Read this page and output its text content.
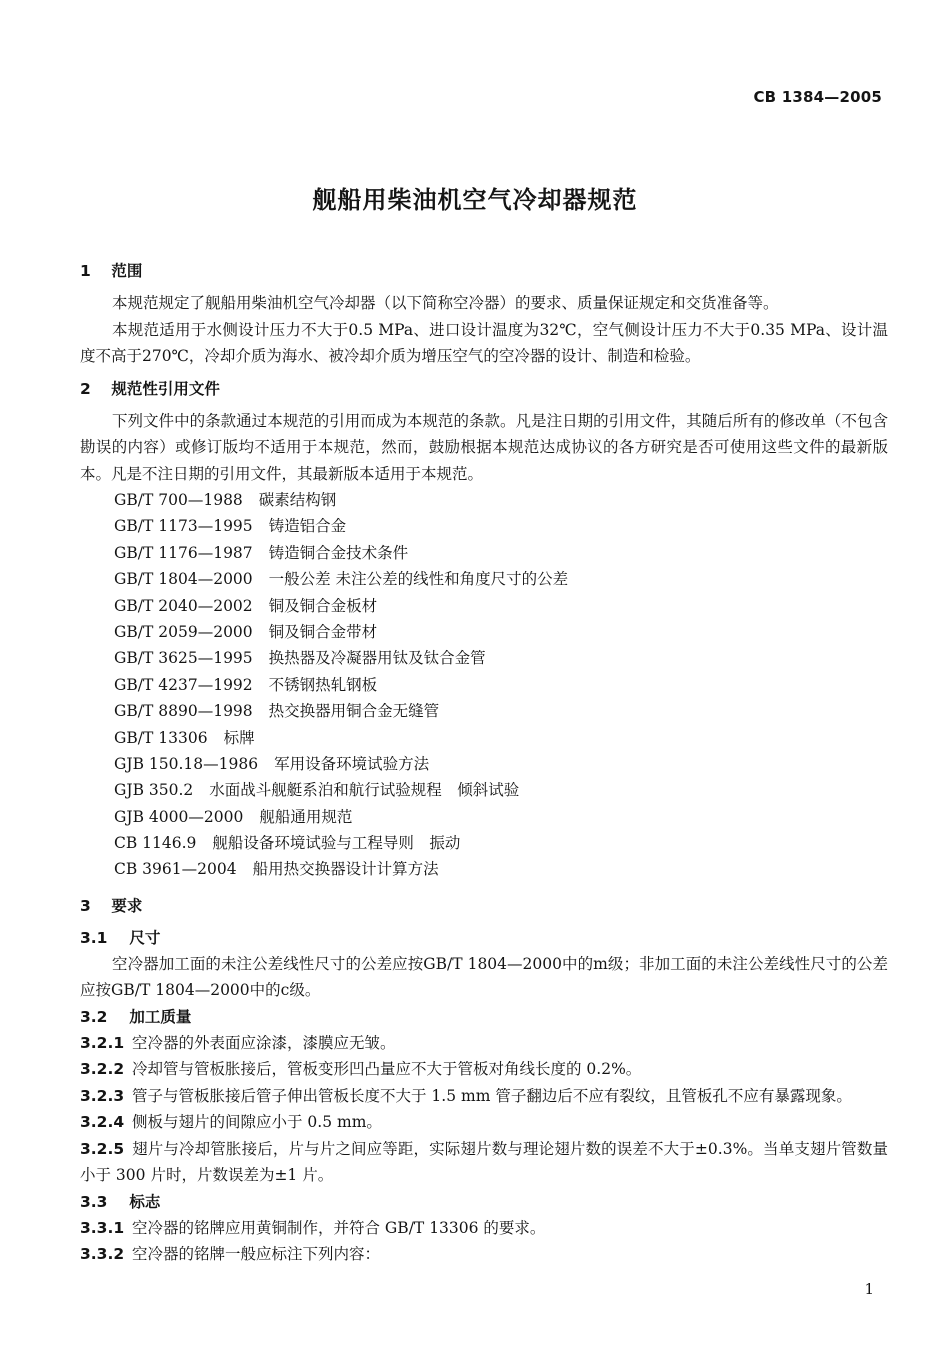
CB 1384—2005
舰船用柴油机空气冷却器规范
1 范围
本规范规定了舰船用柴油机空气冷却器（以下简称空冷器）的要求、质量保证规定和交货准备等。
本规范适用于水侧设计压力不大于0.5 MPa、进口设计温度为32℃，空气侧设计压力不大于0.35 MPa、设计温度不高于270℃，冷却介质为海水、被冷却介质为增压空气的空冷器的设计、制造和检验。
2 规范性引用文件
下列文件中的条款通过本规范的引用而成为本规范的条款。凡是注日期的引用文件，其随后所有的修改单（不包含勘误的内容）或修订版均不适用于本规范，然而，鼓励根据本规范达成协议的各方研究是否可使用这些文件的最新版本。凡是不注日期的引用文件，其最新版本适用于本规范。
GB/T 700—1988 碳素结构钢
GB/T 1173—1995 铸造铝合金
GB/T 1176—1987 铸造铜合金技术条件
GB/T 1804—2000 一般公差 未注公差的线性和角度尺寸的公差
GB/T 2040—2002 铜及铜合金板材
GB/T 2059—2000 铜及铜合金带材
GB/T 3625—1995 换热器及冷凝器用钛及钛合金管
GB/T 4237—1992 不锈钢热轧钢板
GB/T 8890—1998 热交换器用铜合金无缝管
GB/T 13306 标牌
GJB 150.18—1986 军用设备环境试验方法
GJB 350.2 水面战斗舰艇系泊和航行试验规程　倾斜试验
GJB 4000—2000 舰船通用规范
CB 1146.9 舰船设备环境试验与工程导则　振动
CB 3961—2004 船用热交换器设计计算方法
3 要求
3.1 尺寸
空冷器加工面的未注公差线性尺寸的公差应按GB/T 1804—2000中的m级；非加工面的未注公差线性尺寸的公差应按GB/T 1804—2000中的c级。
3.2 加工质量
3.2.1 空冷器的外表面应涂漆，漆膜应无皱。
3.2.2 冷却管与管板胀接后，管板变形凹凸量应不大于管板对角线长度的 0.2%。
3.2.3 管子与管板胀接后管子伸出管板长度不大于 1.5 mm 管子翻边后不应有裂纹，且管板孔不应有暴露现象。
3.2.4 侧板与翅片的间隙应小于 0.5 mm。
3.2.5 翅片与冷却管胀接后，片与片之间应等距，实际翅片数与理论翅片数的误差不大于±0.3%。当单支翅片管数量小于 300 片时，片数误差为±1 片。
3.3 标志
3.3.1 空冷器的铭牌应用黄铜制作，并符合 GB/T 13306 的要求。
3.3.2 空冷器的铭牌一般应标注下列内容：
1
